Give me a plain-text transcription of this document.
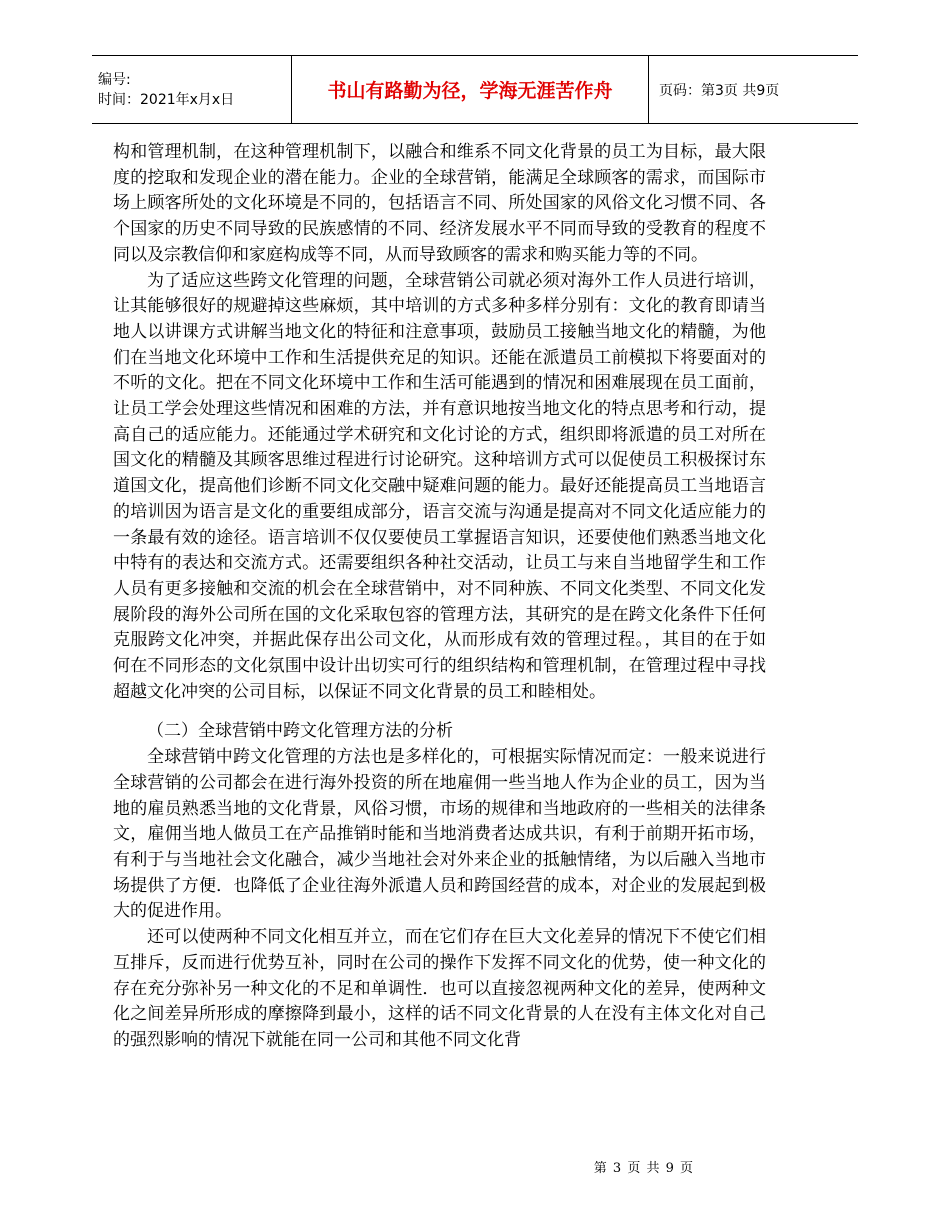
编号:
时间：2021年x月x日	书山有路勤为径，学海无涯苦作舟	页码：第3页 共9页

构和管理机制，在这种管理机制下，以融合和维系不同文化背景的员工为目标，最大限度的挖取和发现企业的潜在能力。企业的全球营销，能满足全球顾客的需求，而国际市场上顾客所处的文化环境是不同的，包括语言不同、所处国家的风俗文化习惯不同、各个国家的历史不同导致的民族感情的不同、经济发展水平不同而导致的受教育的程度不同以及宗教信仰和家庭构成等不同，从而导致顾客的需求和购买能力等的不同。

为了适应这些跨文化管理的问题，全球营销公司就必须对海外工作人员进行培训，让其能够很好的规避掉这些麻烦，其中培训的方式多种多样分别有：文化的教育即请当地人以讲课方式讲解当地文化的特征和注意事项，鼓励员工接触当地文化的精髓，为他们在当地文化环境中工作和生活提供充足的知识。还能在派遣员工前模拟下将要面对的不听的文化。把在不同文化环境中工作和生活可能遇到的情况和困难展现在员工面前，让员工学会处理这些情况和困难的方法，并有意识地按当地文化的特点思考和行动，提高自己的适应能力。还能通过学术研究和文化讨论的方式，组织即将派遣的员工对所在国文化的精髓及其顾客思维过程进行讨论研究。这种培训方式可以促使员工积极探讨东道国文化，提高他们诊断不同文化交融中疑难问题的能力。最好还能提高员工当地语言的培训因为语言是文化的重要组成部分，语言交流与沟通是提高对不同文化适应能力的一条最有效的途径。语言培训不仅仅要使员工掌握语言知识，还要使他们熟悉当地文化中特有的表达和交流方式。还需要组织各种社交活动，让员工与来自当地留学生和工作人员有更多接触和交流的机会在全球营销中，对不同种族、不同文化类型、不同文化发展阶段的海外公司所在国的文化采取包容的管理方法，其研究的是在跨文化条件下任何克服跨文化冲突，并据此保存出公司文化，从而形成有效的管理过程。，其目的在于如何在不同形态的文化氛围中设计出切实可行的组织结构和管理机制，在管理过程中寻找超越文化冲突的公司目标，以保证不同文化背景的员工和睦相处。

（二）全球营销中跨文化管理方法的分析

全球营销中跨文化管理的方法也是多样化的，可根据实际情况而定：一般来说进行全球营销的公司都会在进行海外投资的所在地雇佣一些当地人作为企业的员工，因为当地的雇员熟悉当地的文化背景，风俗习惯，市场的规律和当地政府的一些相关的法律条文，雇佣当地人做员工在产品推销时能和当地消费者达成共识，有利于前期开拓市场，有利于与当地社会文化融合，减少当地社会对外来企业的抵触情绪，为以后融入当地市场提供了方便．也降低了企业往海外派遣人员和跨国经营的成本，对企业的发展起到极大的促进作用。

还可以使两种不同文化相互并立，而在它们存在巨大文化差异的情况下不使它们相互排斥，反而进行优势互补，同时在公司的操作下发挥不同文化的优势，使一种文化的存在充分弥补另一种文化的不足和单调性．也可以直接忽视两种文化的差异，使两种文化之间差异所形成的摩擦降到最小，这样的话不同文化背景的人在没有主体文化对自己的强烈影响的情况下就能在同一公司和其他不同文化背

第 3 页 共 9 页
